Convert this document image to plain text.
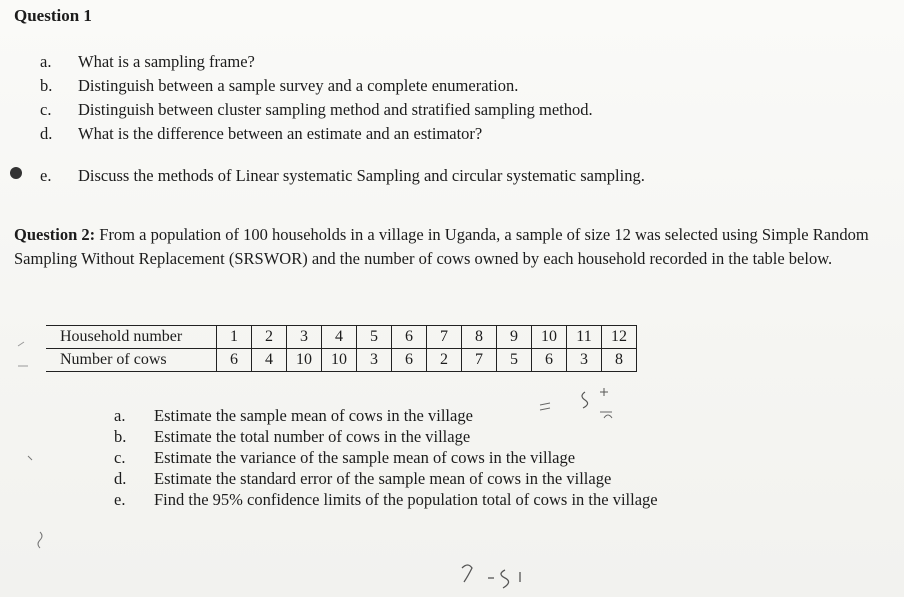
Question 1
a.	What is a sampling frame?
b.	Distinguish between a sample survey and a complete enumeration.
c.	Distinguish between cluster sampling method and stratified sampling method.
d.	What is the difference between an estimate and an estimator?
e.	Discuss the methods of Linear systematic Sampling and circular systematic sampling.
Question 2: From a population of 100 households in a village in Uganda, a sample of size 12 was selected using Simple Random Sampling Without Replacement (SRSWOR) and the number of cows owned by each household recorded in the table below.
Household number	1	2	3	4	5	6	7	8	9	10	11	12
Number of cows	6	4	10	10	3	6	2	7	5	6	3	8
a.	Estimate the sample mean of cows in the village
b.	Estimate the total number of cows in the village
c.	Estimate the variance of the sample mean of cows in the village
d.	Estimate the standard error of the sample mean of cows in the village
e.	Find the 95% confidence limits of the population total of cows in the village
